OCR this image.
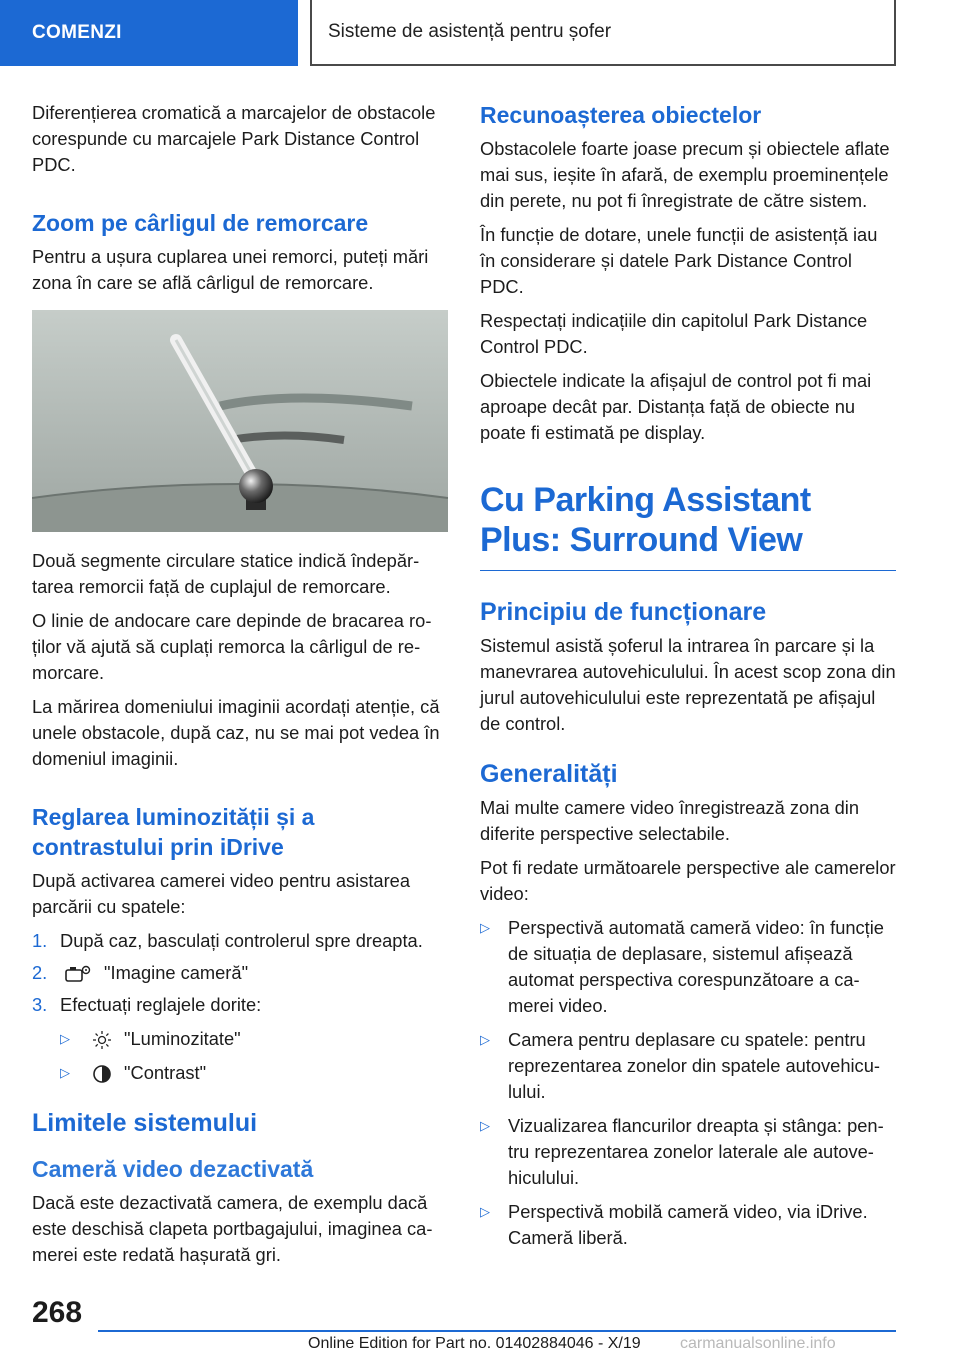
COMENZI	Sisteme de asistență pentru șofer

Diferențierea cromatică a marcajelor de obstacole corespunde cu marcajele Park Distance Control PDC.

Zoom pe cârligul de remorcare

Pentru a ușura cuplarea unei remorci, puteți mări zona în care se află cârligul de remorcare.

Două segmente circulare statice indică îndepărtarea remorcii față de cuplajul de remorcare.

O linie de andocare care depinde de bracarea roților vă ajută să cuplați remorca la cârligul de remorcare.

La mărirea domeniului imaginii acordați atenție, că unele obstacole, după caz, nu se mai pot vedea în domeniul imaginii.

Reglarea luminozității și a contrastului prin iDrive

După activarea camerei video pentru asistarea parcării cu spatele:

1. După caz, basculați controlerul spre dreapta.
2.	"Imagine cameră"
3. Efectuați reglajele dorite:
▷	"Luminozitate"
▷	"Contrast"
Limitele sistemului
Cameră video dezactivată

Dacă este dezactivată camera, de exemplu dacă este deschisă clapeta portbagajului, imaginea camerei este redată hașurată gri.

Recunoașterea obiectelor

Obstacolele foarte joase precum și obiectele aflate mai sus, ieșite în afară, de exemplu proeminențele din perete, nu pot fi înregistrate de către sistem.

În funcție de dotare, unele funcții de asistență iau în considerare și datele Park Distance Control PDC.

Respectați indicațiile din capitolul Park Distance Control PDC.

Obiectele indicate la afișajul de control pot fi mai aproape decât par. Distanța față de obiecte nu poate fi estimată pe display.

Cu Parking Assistant Plus: Surround View
Principiu de funcționare

Sistemul asistă șoferul la intrarea în parcare și la manevrarea autovehiculului. În acest scop zona din jurul autovehiculului este reprezentată pe afișajul de control.

Generalități

Mai multe camere video înregistrează zona din diferite perspective selectabile.

Pot fi redate următoarele perspective ale camerelor video:

▷ Perspectivă automată cameră video: în funcție de situația de deplasare, sistemul afișează automat perspectiva corespunzătoare a camerei video.
▷ Camera pentru deplasare cu spatele: pentru reprezentarea zonelor din spatele autovehiculului.
▷ Vizualizarea flancurilor dreapta și stânga: pentru reprezentarea zonelor laterale ale autovehiculului.
▷ Perspectivă mobilă cameră video, via iDrive. Cameră liberă.
268
Online Edition for Part no. 01402884046 - X/19 carmanualsonline.info
